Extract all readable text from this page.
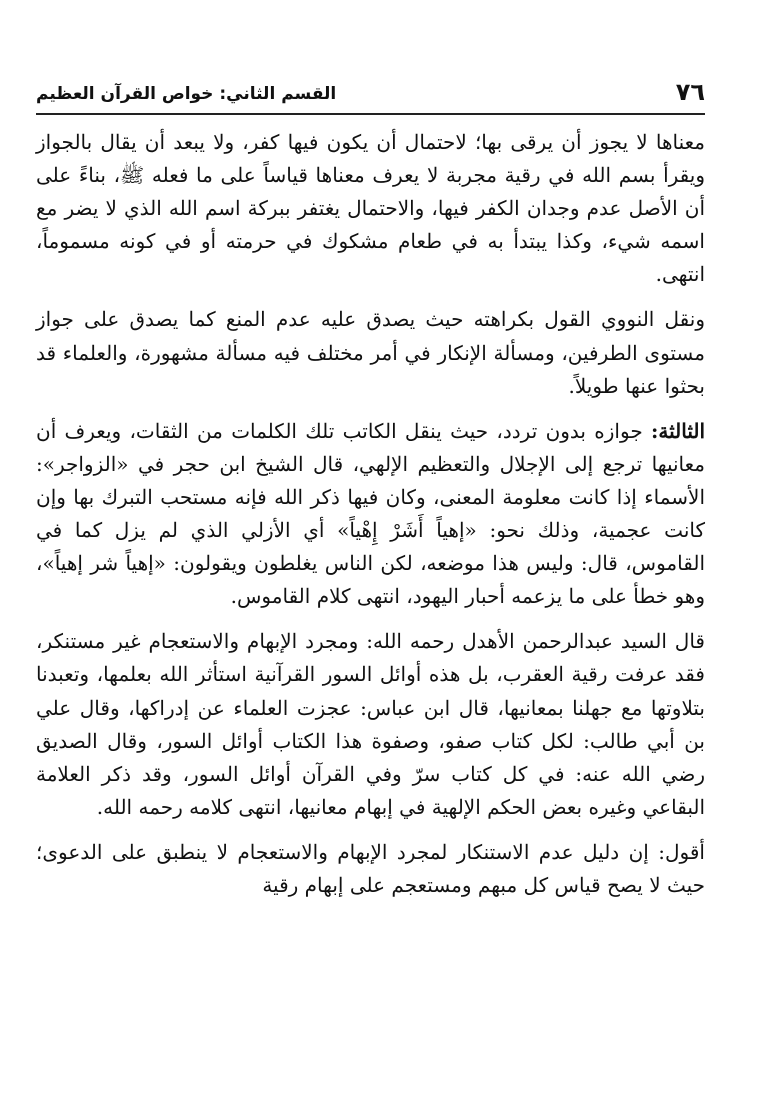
٧٦
القسم الثاني: خواص القرآن العظيم

معناها لا يجوز أن يرقى بها؛ لاحتمال أن يكون فيها كفر، ولا يبعد أن يقال بالجواز ويقرأ بسم الله في رقية مجربة لا يعرف معناها قياساً على ما فعله ﷺ، بناءً على أن الأصل عدم وجدان الكفر فيها، والاحتمال يغتفر ببركة اسم الله الذي لا يضر مع اسمه شيء، وكذا يبتدأ به في طعام مشكوك في حرمته أو في كونه مسموماً، انتهى.

ونقل النووي القول بكراهته حيث يصدق عليه عدم المنع كما يصدق على جواز مستوى الطرفين، ومسألة الإنكار في أمر مختلف فيه مسألة مشهورة، والعلماء قد بحثوا عنها طويلاً.

الثالثة: جوازه بدون تردد، حيث ينقل الكاتب تلك الكلمات من الثقات، ويعرف أن معانيها ترجع إلى الإجلال والتعظيم الإلهي، قال الشيخ ابن حجر في «الزواجر»: الأسماء إذا كانت معلومة المعنى، وكان فيها ذكر الله فإنه مستحب التبرك بها وإن كانت عجمية، وذلك نحو: «إهياً أَشَرْ إِهْياً» أي الأزلي الذي لم يزل كما في القاموس، قال: وليس هذا موضعه، لكن الناس يغلطون ويقولون: «إهياً شر إهياً»، وهو خطأ على ما يزعمه أحبار اليهود، انتهى كلام القاموس.

قال السيد عبدالرحمن الأهدل رحمه الله: ومجرد الإبهام والاستعجام غير مستنكر، فقد عرفت رقية العقرب، بل هذه أوائل السور القرآنية استأثر الله بعلمها، وتعبدنا بتلاوتها مع جهلنا بمعانيها، قال ابن عباس: عجزت العلماء عن إدراكها، وقال علي بن أبي طالب: لكل كتاب صفو، وصفوة هذا الكتاب أوائل السور، وقال الصديق رضي الله عنه: في كل كتاب سرّ وفي القرآن أوائل السور، وقد ذكر العلامة البقاعي وغيره بعض الحكم الإلهية في إبهام معانيها، انتهى كلامه رحمه الله.

أقول: إن دليل عدم الاستنكار لمجرد الإبهام والاستعجام لا ينطبق على الدعوى؛ حيث لا يصح قياس كل مبهم ومستعجم على إبهام رقية
